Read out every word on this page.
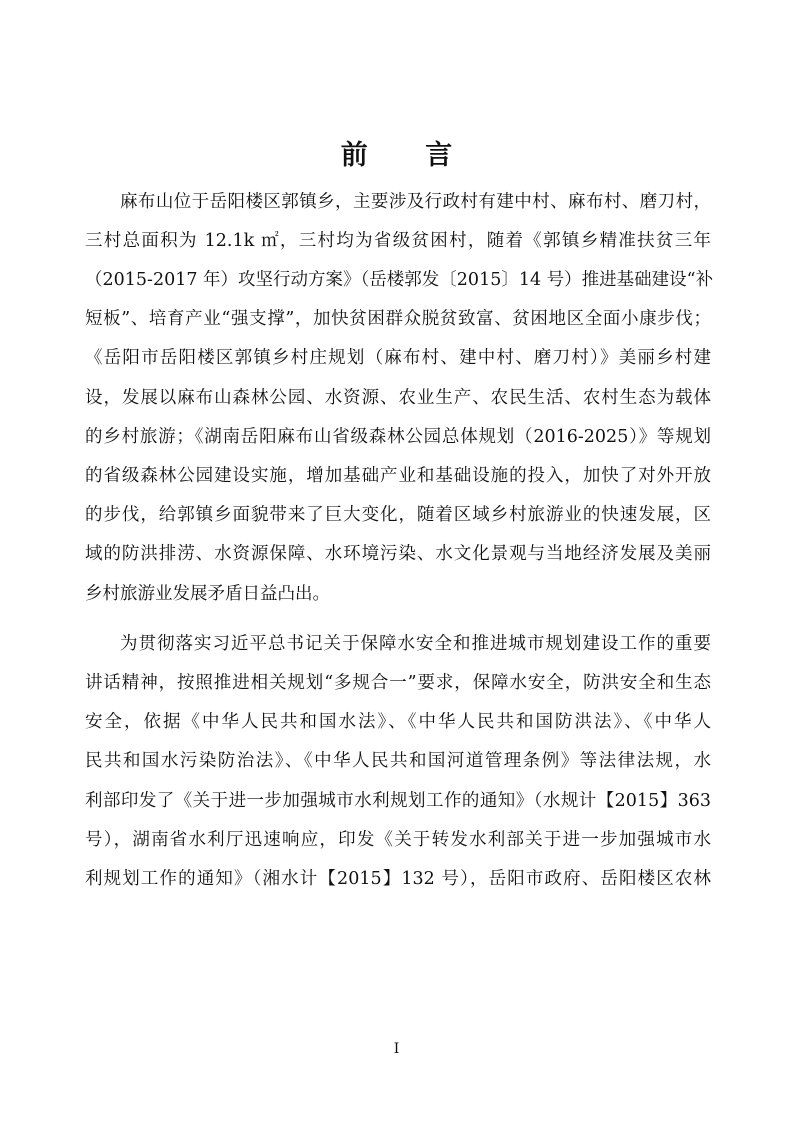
前 言

麻布山位于岳阳楼区郭镇乡，主要涉及行政村有建中村、麻布村、磨刀村，

三村总面积为 12.1k ㎡，三村均为省级贫困村，随着《郭镇乡精准扶贫三年

（2015-2017 年）攻坚行动方案》（岳楼郭发〔2015〕14 号）推进基础建设“补

短板”、培育产业“强支撑”，加快贫困群众脱贫致富、贫困地区全面小康步伐；

《岳阳市岳阳楼区郭镇乡村庄规划（麻布村、建中村、磨刀村）》美丽乡村建

设，发展以麻布山森林公园、水资源、农业生产、农民生活、农村生态为载体

的乡村旅游；《湖南岳阳麻布山省级森林公园总体规划（2016-2025）》等规划

的省级森林公园建设实施，增加基础产业和基础设施的投入，加快了对外开放

的步伐，给郭镇乡面貌带来了巨大变化，随着区域乡村旅游业的快速发展，区

域的防洪排涝、水资源保障、水环境污染、水文化景观与当地经济发展及美丽

乡村旅游业发展矛盾日益凸出。

为贯彻落实习近平总书记关于保障水安全和推进城市规划建设工作的重要

讲话精神，按照推进相关规划“多规合一”要求，保障水安全，防洪安全和生态

安全，依据《中华人民共和国水法》、《中华人民共和国防洪法》、《中华人

民共和国水污染防治法》、《中华人民共和国河道管理条例》等法律法规，水

利部印发了《关于进一步加强城市水利规划工作的通知》（水规计【2015】363

号），湖南省水利厅迅速响应，印发《关于转发水利部关于进一步加强城市水

利规划工作的通知》（湘水计【2015】132 号），岳阳市政府、岳阳楼区农林

I
